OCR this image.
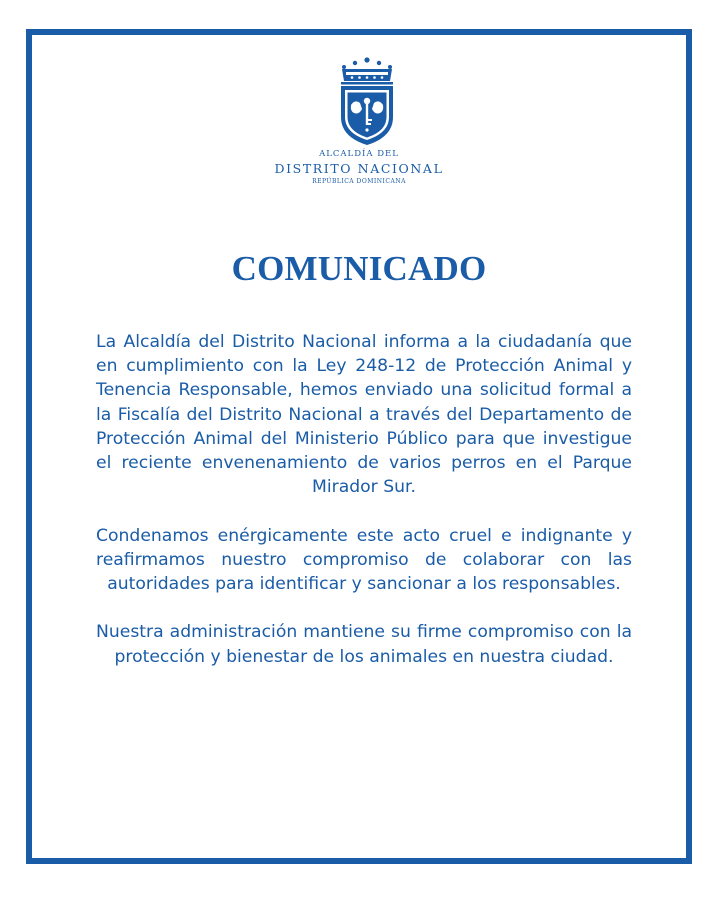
ALCALDÍA DEL
DISTRITO NACIONAL
REPÚBLICA DOMINICANA
COMUNICADO

La Alcaldía del Distrito Nacional informa a la ciudadanía que en cumplimiento con la Ley 248-12 de Protección Animal y Tenencia Responsable, hemos enviado una solicitud formal a la Fiscalía del Distrito Nacional a través del Departamento de Protección Animal del Ministerio Público para que investigue el reciente envenenamiento de varios perros en el Parque Mirador Sur.

Condenamos enérgicamente este acto cruel e indignante y reafirmamos nuestro compromiso de colaborar con las autoridades para identificar y sancionar a los responsables.

Nuestra administración mantiene su firme compromiso con la protección y bienestar de los animales en nuestra ciudad.
